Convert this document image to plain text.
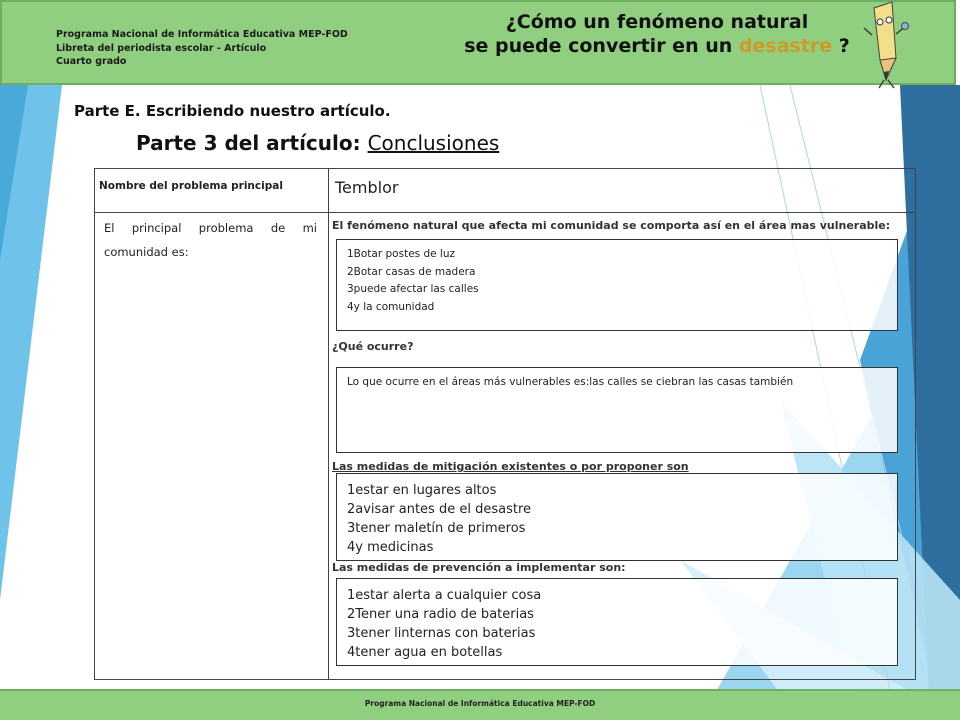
Programa Nacional de Informática Educativa MEP-FOD
Libreta del periodista escolar - Artículo
Cuarto grado
¿Cómo un fenómeno natural
se puede convertir en un desastre ?
Parte E. Escribiendo nuestro artículo.
Parte 3 del artículo: Conclusiones
Nombre del problema principal	Temblor
El principal problema de mi comunidad es:
El fenómeno natural que afecta mi comunidad se comporta así en el área mas vulnerable:
1Botar postes de luz
2Botar casas de madera
3puede afectar las calles
4y la comunidad
¿Qué ocurre?
Lo que ocurre en el áreas más vulnerables es:las calles se ciebran las casas también
Las medidas de mitigación existentes o por proponer son
1estar en lugares altos
2avisar antes de el desastre
3tener maletín de primeros
4y medicinas
Las medidas de prevención a implementar son:
1estar alerta a cualquier cosa
2Tener una radio de baterias
3tener linternas con baterias
4tener agua en botellas
Programa Nacional de Informática Educativa MEP-FOD
